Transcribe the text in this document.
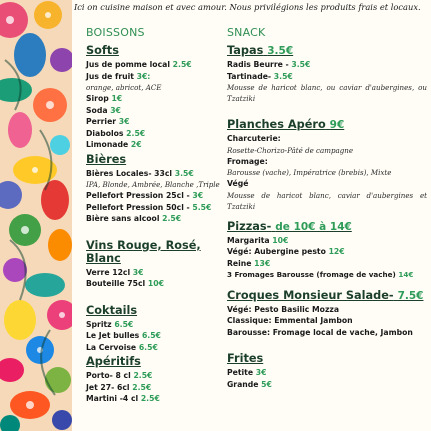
Ici on cuisine maison et avec amour. Nous privilégions les produits frais et locaux.
BOISSONS
Softs
Jus de pomme local 2.5€
Jus de fruit 3€:
orange, abricot, ACE
Sirop 1€
Soda 3€
Perrier 3€
Diabolos 2.5€
Limonade 2€
Bières
Bières Locales- 33cl 3.5€
IPA, Blonde, Ambrée, Blanche ,Triple
Pellefort Pression 25cl - 3€
Pellefort Pression 50cl - 5.5€
Bière sans alcool 2.5€
Vins Rouge, Rosé, Blanc
Verre 12cl 3€
Bouteille 75cl 10€
Coktails
Spritz 6.5€
Le Jet bulles 6.5€
La Cervoise 6.5€
Apéritifs
Porto- 8 cl 2.5€
Jet 27- 6cl 2.5€
Martini -4 cl 2.5€
SNACK
Tapas 3.5€
Radis Beurre - 3.5€
Tartinade- 3.5€
Mousse de haricot blanc, ou caviar d'aubergines, ou Tzatziki
Planches Apéro 9€
Charcuterie:
Rosette-Chorizo-Pâté de campagne
Fromage:
Barousse (vache), Impératrice (brebis), Mixte
Végé
Mousse de haricot blanc, caviar d'aubergines et Tzatziki
Pizzas- de 10€ à 14€
Margarita 10€
Végé: Aubergine pesto 12€
Reine 13€
3 Fromages Barousse (fromage de vache) 14€
Croques Monsieur Salade- 7.5€
Végé: Pesto Basilic Mozza
Classique: Emmental Jambon
Barousse: Fromage local de vache, Jambon
Frites
Petite 3€
Grande 5€
